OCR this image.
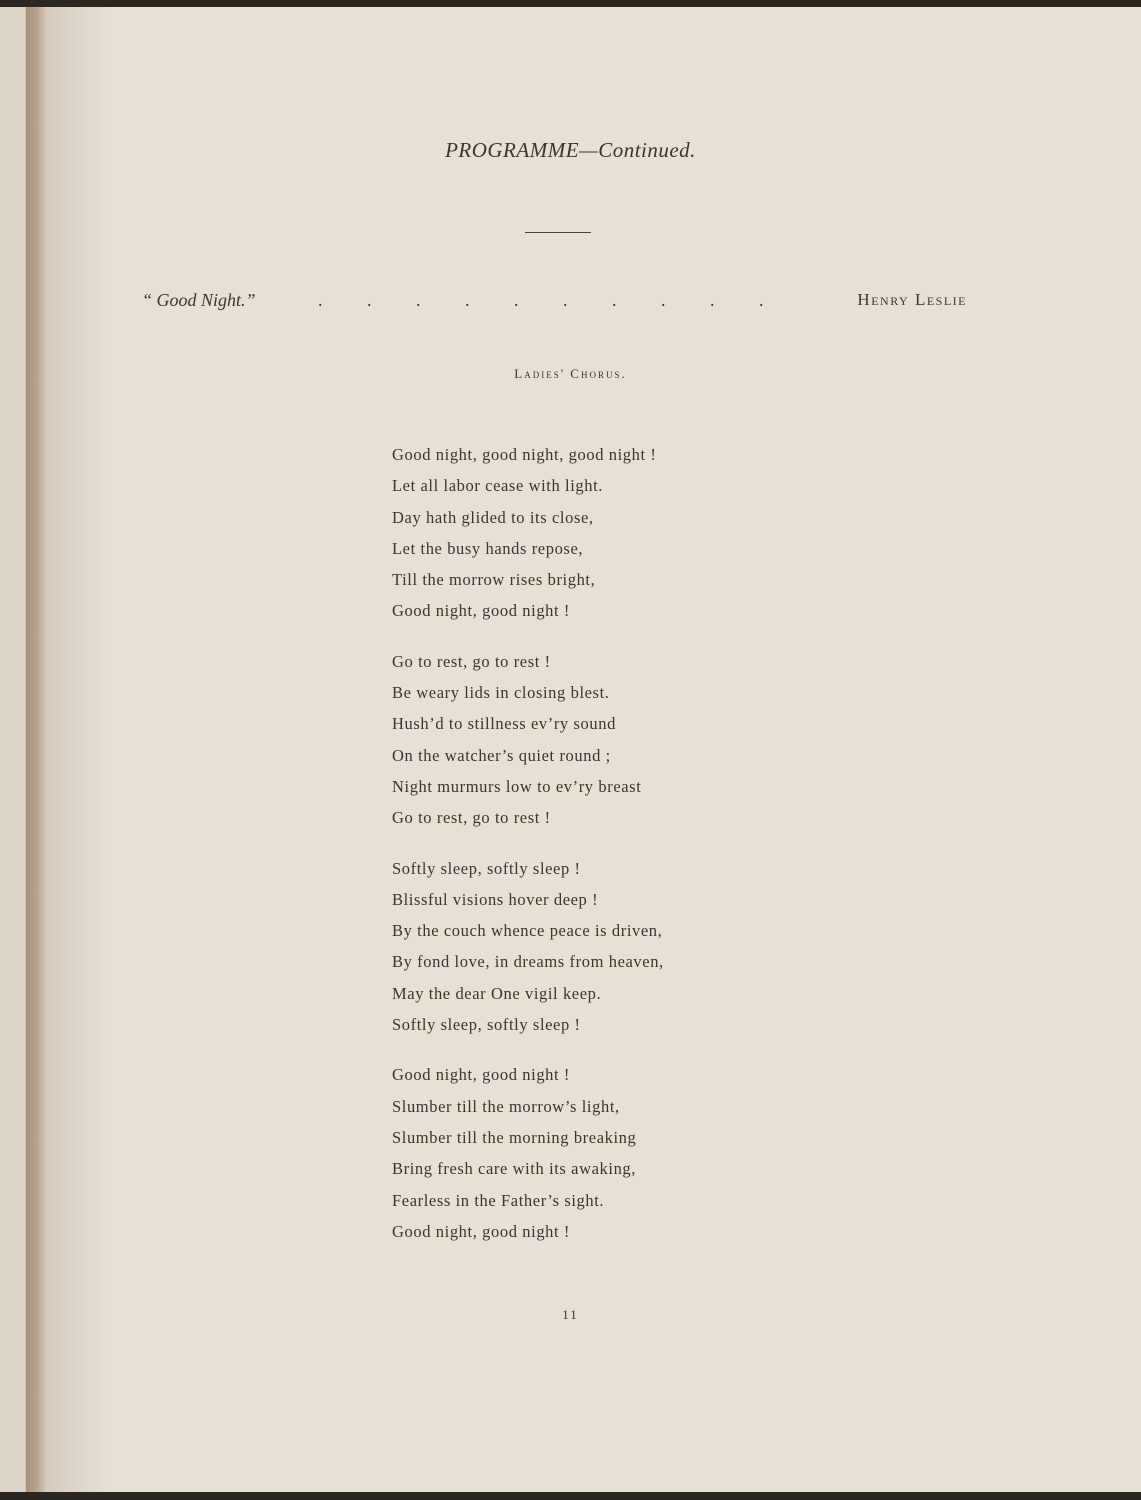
PROGRAMME—Continued.
“ Good Night.”	. . . . . . . . . .	Henry Leslie
Ladies' Chorus.
Good night, good night, good night !
Let all labor cease with light.
Day hath glided to its close,
Let the busy hands repose,
Till the morrow rises bright,
Good night, good night !
Go to rest, go to rest !
Be weary lids in closing blest.
Hush’d to stillness ev’ry sound
On the watcher’s quiet round ;
Night murmurs low to ev’ry breast
Go to rest, go to rest !
Softly sleep, softly sleep !
Blissful visions hover deep !
By the couch whence peace is driven,
By fond love, in dreams from heaven,
May the dear One vigil keep.
Softly sleep, softly sleep !
Good night, good night !
Slumber till the morrow’s light,
Slumber till the morning breaking
Bring fresh care with its awaking,
Fearless in the Father’s sight.
Good night, good night !
11
